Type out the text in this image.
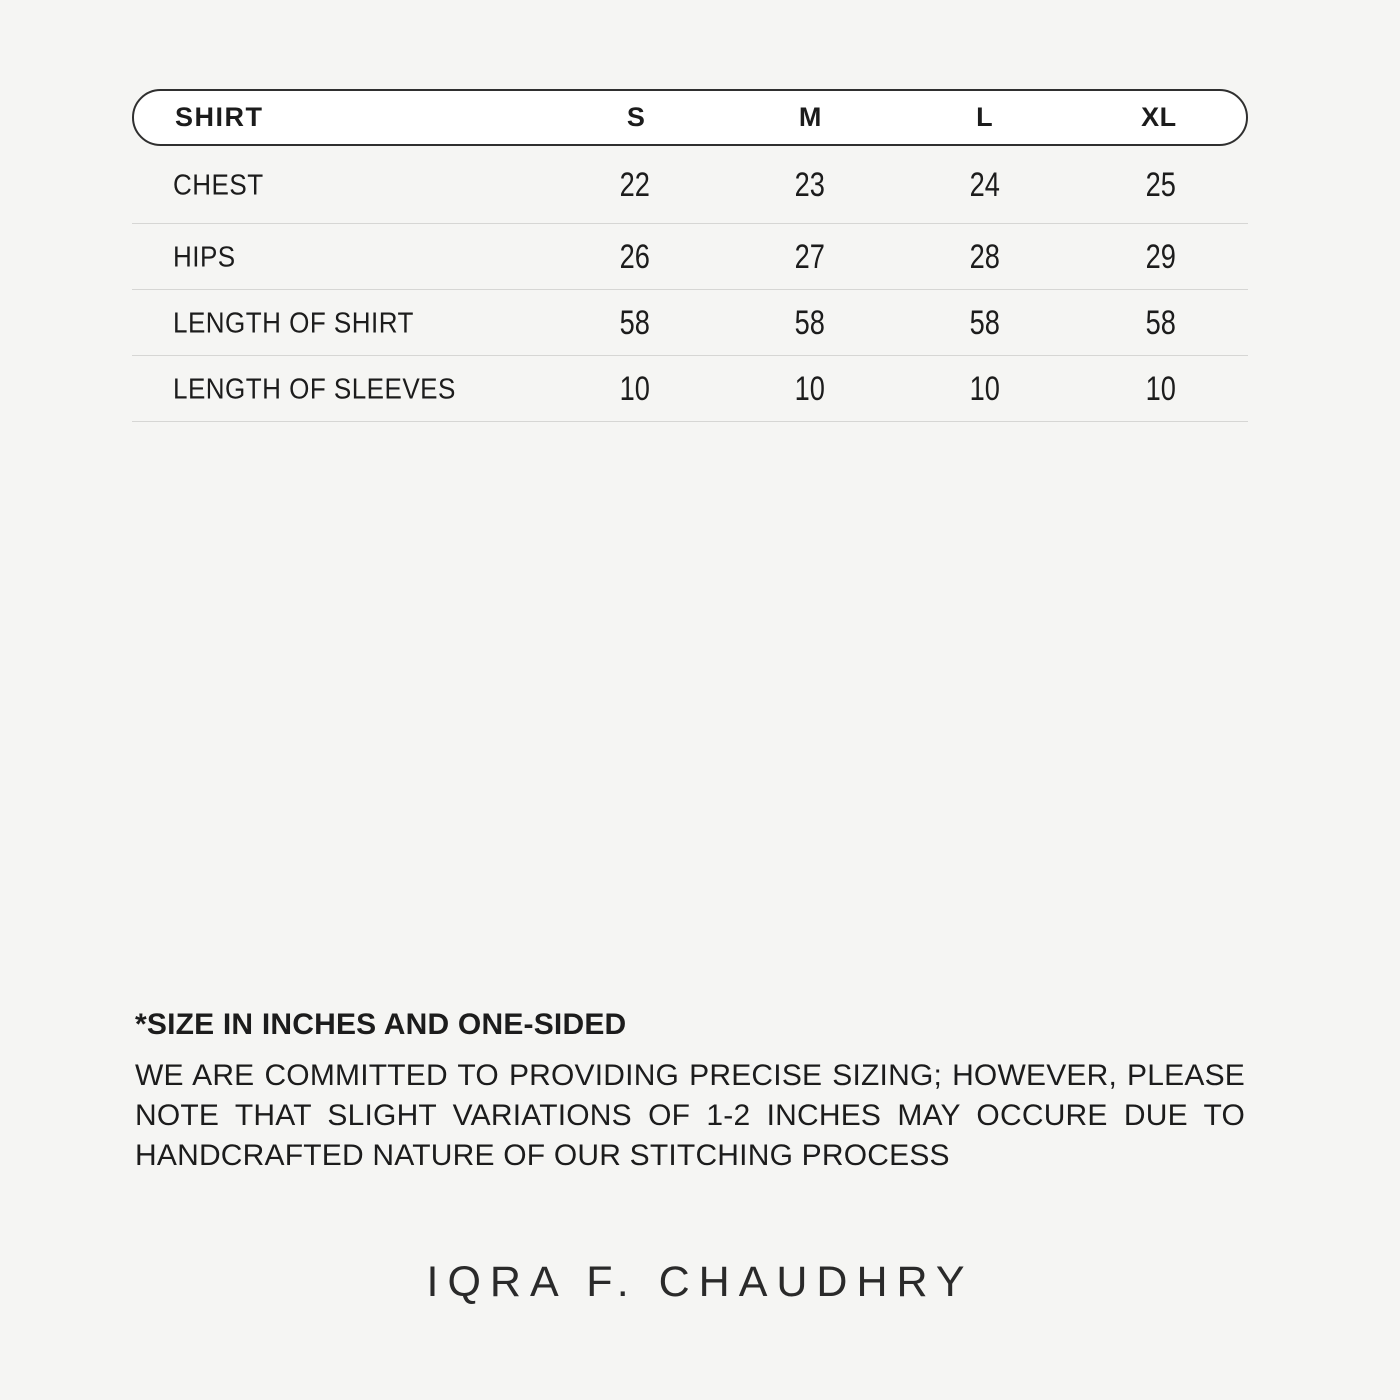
SHIRT	S	M	L	XL
CHEST	22	23	24	25
HIPS	26	27	28	29
LENGTH OF SHIRT	58	58	58	58
LENGTH OF SLEEVES	10	10	10	10
*SIZE IN INCHES AND ONE-SIDED
WE ARE COMMITTED TO PROVIDING PRECISE SIZING; HOWEVER, PLEASE
NOTE THAT SLIGHT VARIATIONS OF 1-2 INCHES MAY OCCURE DUE TO
HANDCRAFTED NATURE OF OUR STITCHING PROCESS
IQRA F. CHAUDHRY
